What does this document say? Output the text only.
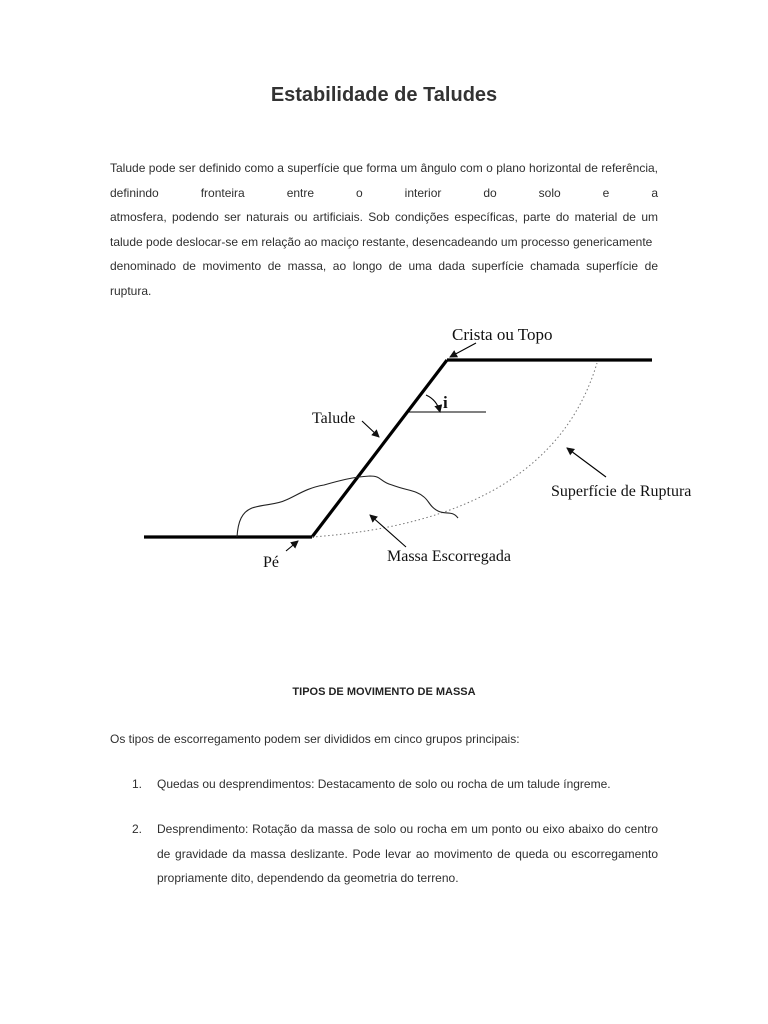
Estabilidade de Taludes

Talude pode ser definido como a superfície que forma um ângulo com o plano horizontal de referência, definindo fronteira entre o interior do solo e a

atmosfera, podendo ser naturais ou artificiais. Sob condições específicas, parte do material de um talude pode deslocar-se em relação ao maciço restante, desencadeando um processo genericamente
denominado de movimento de massa, ao longo de uma dada superfície chamada superfície de ruptura.

Crista ou Topo
i
Talude
Superfície de Ruptura
Pé	Massa Escorregada
TIPOS DE MOVIMENTO DE MASSA

Os tipos de escorregamento podem ser divididos em cinco grupos principais:

1. Quedas ou desprendimentos: Destacamento de solo ou rocha de um talude íngreme.
2. Desprendimento: Rotação da massa de solo ou rocha em um ponto ou eixo abaixo do centro de gravidade da massa deslizante. Pode levar ao movimento de queda ou escorregamento propriamente dito, dependendo da geometria do terreno.
